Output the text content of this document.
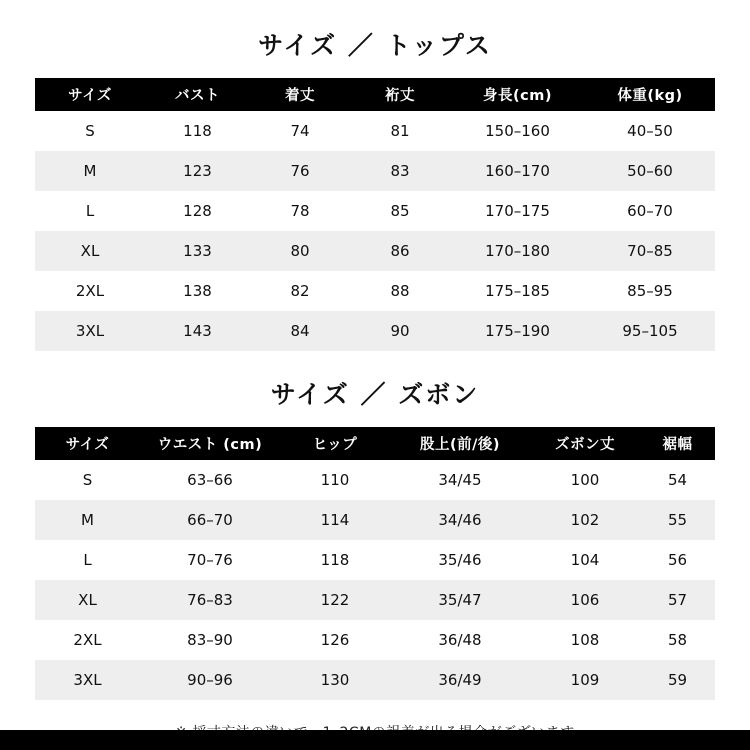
サイズ ／ トップス
サイズ	バスト	着丈	裄丈	身長(cm)	体重(kg)
S	118	74	81	150–160	40–50
M	123	76	83	160–170	50–60
L	128	78	85	170–175	60–70
XL	133	80	86	170–180	70–85
2XL	138	82	88	175–185	85–95
3XL	143	84	90	175–190	95–105
サイズ ／ ズボン
サイズ	ウエスト (cm)	ヒップ	股上(前/後)	ズボン丈	裾幅
S	63–66	110	34/45	100	54
M	66–70	114	34/46	102	55
L	70–76	118	35/46	104	56
XL	76–83	122	35/47	106	57
2XL	83–90	126	36/48	108	58
3XL	90–96	130	36/49	109	59
